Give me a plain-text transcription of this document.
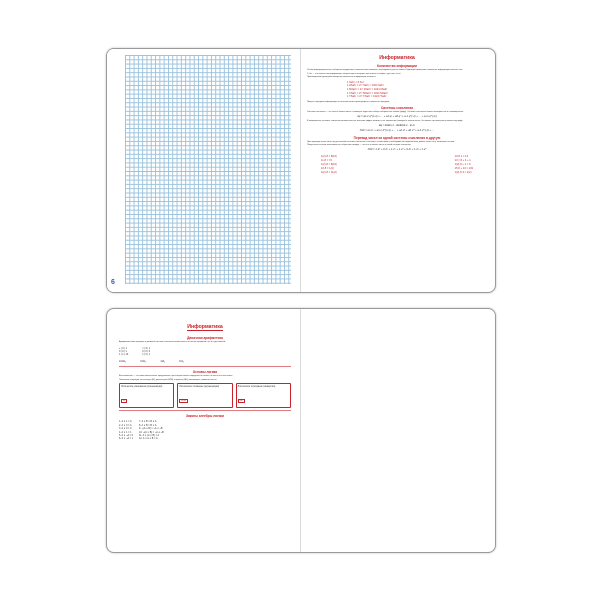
6
Информатика
Количество информации

Объём информационного сообщения определяется количеством символов, необходимых для его записи. Единицей измерения количества информации является бит.

1 бит — это количество информации, которое можно получить при ответе на вопрос «да» или «нет».

Производными единицами измерения количества информации являются:

1 байт = 8 бит
1 Кбайт = 2¹⁰ байт = 1024 байт
1 Мбайт = 2¹⁰ Кбайт = 1024 Кбайт
1 Гбайт = 2¹⁰ Мбайт = 1024 Мбайт
1 Тбайт = 2¹⁰ Гбайт = 1024 Гбайт

Процесс передачи информации по каналам связи характеризуется скоростью передачи.

Системы счисления

Система счисления — это способ записи чисел с помощью заданного набора специальных знаков (цифр). Системы счисления бывают позиционные и непозиционные.

Aq = an-1·q^(n-1) + … + a1·q¹ + a0·q⁰ + a-1·q^(-1) + … + a-m·q^(-m)

В позиционных системах счисления количественное значение цифры зависит от её положения (позиции) в записи числа. Основание системы равно количеству цифр.

Eq = EnEn-1…E1E0,E-1…E-m
N10 = an·2ⁿ + an-1·2^(n-1) + … + a1·2¹ + a0·2⁰ + a-1·2^(-1) + …
Перевод чисел из одной системы счисления в другую

При переводе целых чисел из десятичной системы счисления в систему с основанием q необходимо последовательно делить число на q, записывая остатки.

Полученные остатки записываются в обратном порядке — это и есть запись числа в новой системе счисления.

N10 = 1·2⁶ + 0·2⁵ + 1·2⁴ + 1·2³ + 0·2² + 1·2¹ + 1·2⁰
1(2)·8 = 8(10)
11·8 = 72
1(2)·8 = 8(10)
10·8 = 1(2)
1(2)·8 = 11(2)
10·8·1 = 13
13 = 8 + 4 + 1
1(2)·8 + 1 = 9
15·8 + 13 = 133
1(2)·8·3 = 1(2)
Информатика
Двоичная арифметика

Арифметические операции в двоичной системе счисления выполняются по тем же правилам, что и в десятичной.

+ | 0 | 1
0 | 0 | 1
1 | 1 | 10
× | 0 | 1
0 | 0 | 0
1 | 0 | 1
10111₂	1011₂	110₂	101₂
Основы логики

Высказывание — это повествовательное предложение, про которое можно определённо сказать, истинно оно или ложно.

Логические операции: конъюнкция (И), дизъюнкция (ИЛИ), инверсия (НЕ), импликация, эквивалентность.

Логическое умножение (конъюнкция)
И
Логическое сложение (дизъюнкция)
ИЛИ
Логическое отрицание (инверсия)
НЕ
Законы алгебры логики
1. A ∧ 1 = A
2. A ∨ 0 = A
3. A ∧ 0 = 0
4. A ∨ 1 = 1
5. A ∧ ¬A = 0
6. A ∨ ¬A = 1
7. A ∧ B = B ∧ A
8. A ∨ B = B ∨ A
9. ¬(A ∧ B) = ¬A ∨ ¬B
10. ¬(A ∨ B) = ¬A ∧ ¬B
11. A ∧ (A ∨ B) = A
12. A ∨ A ∧ B = A
